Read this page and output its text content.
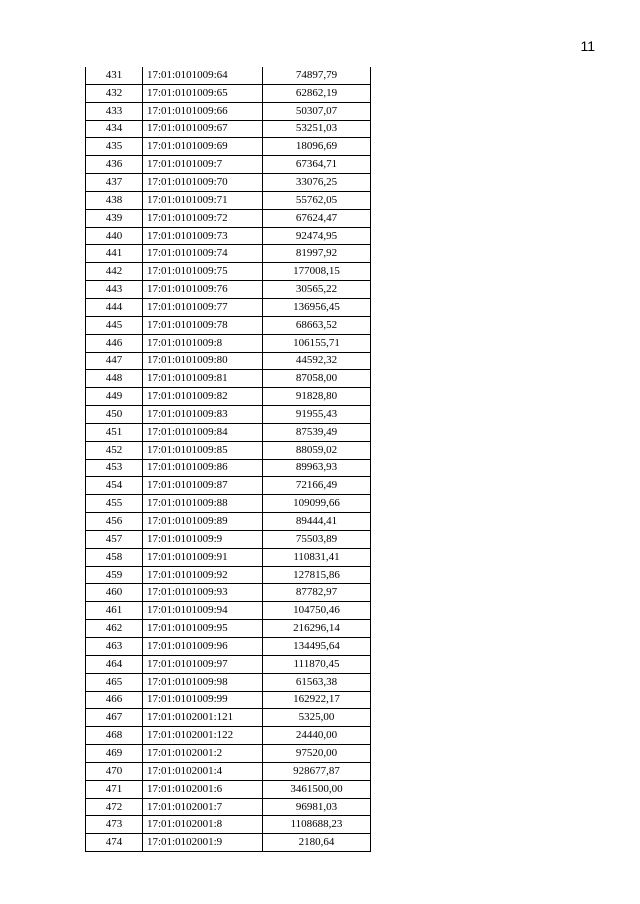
11
431	17:01:0101009:64	74897,79
432	17:01:0101009:65	62862,19
433	17:01:0101009:66	50307,07
434	17:01:0101009:67	53251,03
435	17:01:0101009:69	18096,69
436	17:01:0101009:7	67364,71
437	17:01:0101009:70	33076,25
438	17:01:0101009:71	55762,05
439	17:01:0101009:72	67624,47
440	17:01:0101009:73	92474,95
441	17:01:0101009:74	81997,92
442	17:01:0101009:75	177008,15
443	17:01:0101009:76	30565,22
444	17:01:0101009:77	136956,45
445	17:01:0101009:78	68663,52
446	17:01:0101009:8	106155,71
447	17:01:0101009:80	44592,32
448	17:01:0101009:81	87058,00
449	17:01:0101009:82	91828,80
450	17:01:0101009:83	91955,43
451	17:01:0101009:84	87539,49
452	17:01:0101009:85	88059,02
453	17:01:0101009:86	89963,93
454	17:01:0101009:87	72166,49
455	17:01:0101009:88	109099,66
456	17:01:0101009:89	89444,41
457	17:01:0101009:9	75503,89
458	17:01:0101009:91	110831,41
459	17:01:0101009:92	127815,86
460	17:01:0101009:93	87782,97
461	17:01:0101009:94	104750,46
462	17:01:0101009:95	216296,14
463	17:01:0101009:96	134495,64
464	17:01:0101009:97	111870,45
465	17:01:0101009:98	61563,38
466	17:01:0101009:99	162922,17
467	17:01:0102001:121	5325,00
468	17:01:0102001:122	24440,00
469	17:01:0102001:2	97520,00
470	17:01:0102001:4	928677,87
471	17:01:0102001:6	3461500,00
472	17:01:0102001:7	96981,03
473	17:01:0102001:8	1108688,23
474	17:01:0102001:9	2180,64
